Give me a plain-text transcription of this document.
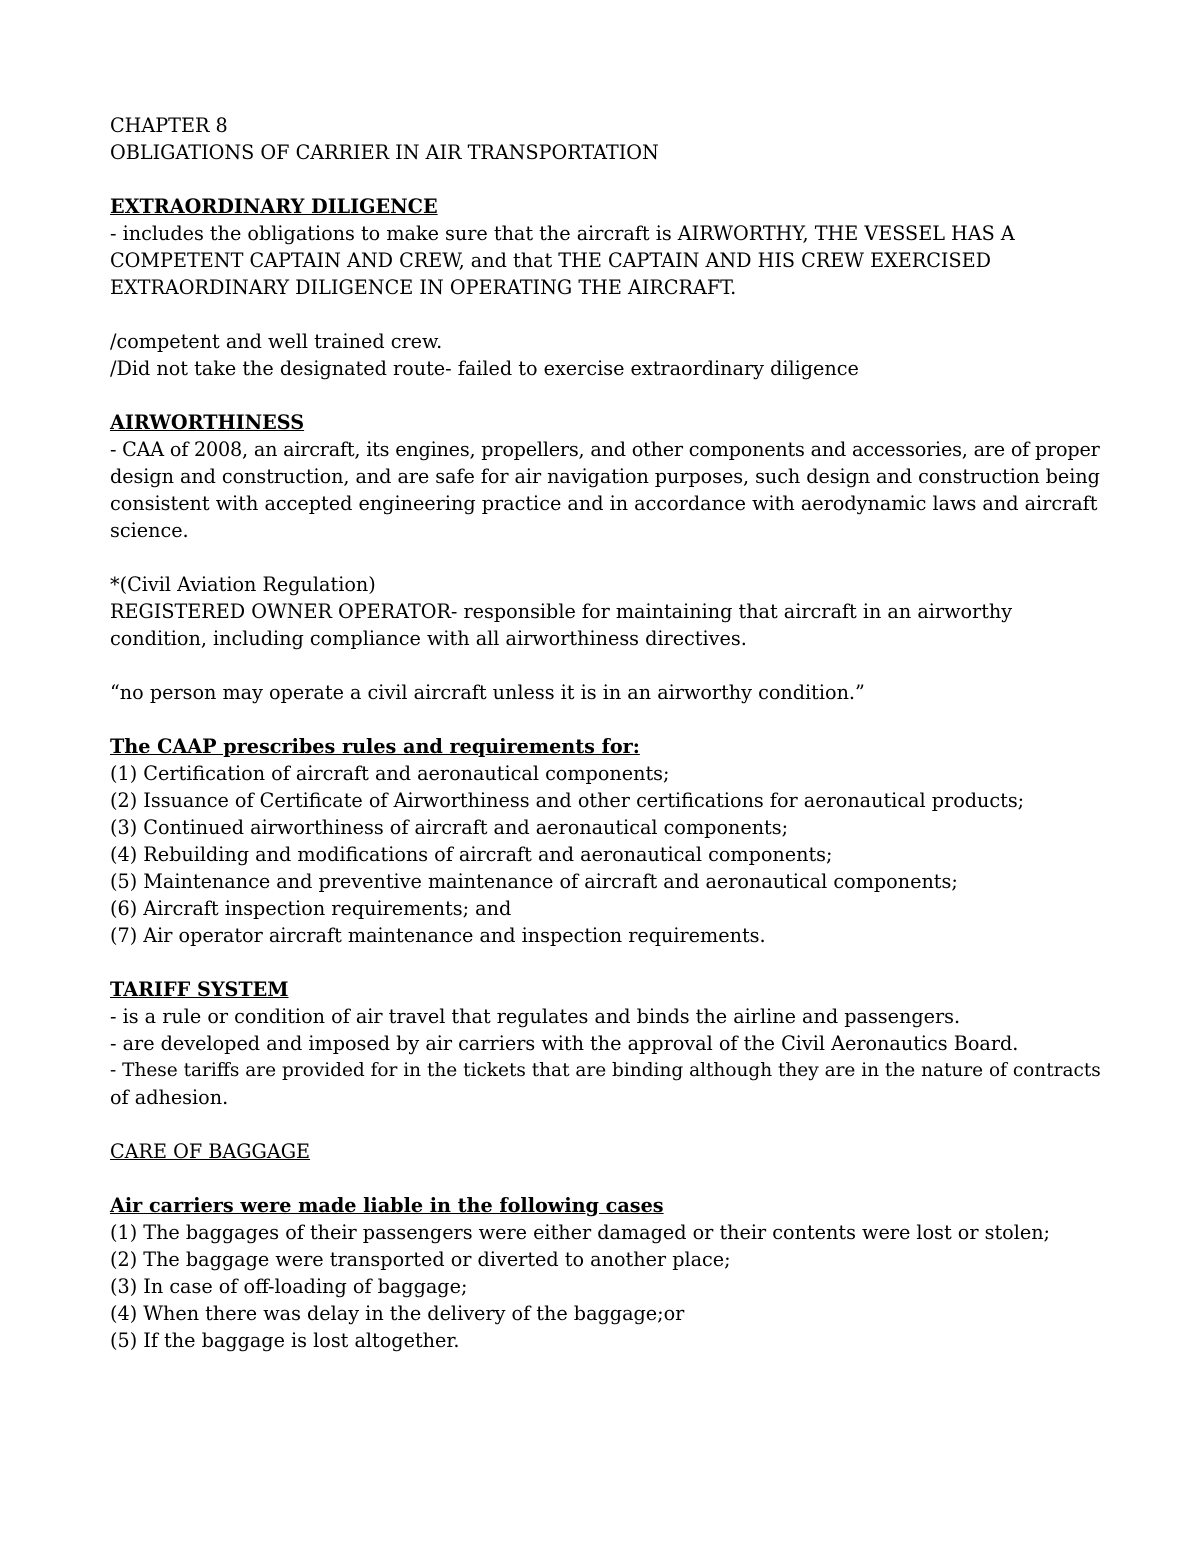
CHAPTER 8
OBLIGATIONS OF CARRIER IN AIR TRANSPORTATION
EXTRAORDINARY DILIGENCE
- includes the obligations to make sure that the aircraft is AIRWORTHY, THE VESSEL HAS A
COMPETENT CAPTAIN AND CREW, and that THE CAPTAIN AND HIS CREW EXERCISED
EXTRAORDINARY DILIGENCE IN OPERATING THE AIRCRAFT.
/competent and well trained crew.
/Did not take the designated route- failed to exercise extraordinary diligence
AIRWORTHINESS
- CAA of 2008, an aircraft, its engines, propellers, and other components and accessories, are of proper
design and construction, and are safe for air navigation purposes, such design and construction being
consistent with accepted engineering practice and in accordance with aerodynamic laws and aircraft
science.
*(Civil Aviation Regulation)
REGISTERED OWNER OPERATOR- responsible for maintaining that aircraft in an airworthy
condition, including compliance with all airworthiness directives.
“no person may operate a civil aircraft unless it is in an airworthy condition.”
The CAAP prescribes rules and requirements for:
(1) Certification of aircraft and aeronautical components;
(2) Issuance of Certificate of Airworthiness and other certifications for aeronautical products;
(3) Continued airworthiness of aircraft and aeronautical components;
(4) Rebuilding and modifications of aircraft and aeronautical components;
(5) Maintenance and preventive maintenance of aircraft and aeronautical components;
(6) Aircraft inspection requirements; and
(7) Air operator aircraft maintenance and inspection requirements.
TARIFF SYSTEM
- is a rule or condition of air travel that regulates and binds the airline and passengers.
- are developed and imposed by air carriers with the approval of the Civil Aeronautics Board.
- These tariffs are provided for in the tickets that are binding although they are in the nature of contracts
of adhesion.
CARE OF BAGGAGE
Air carriers were made liable in the following cases
(1) The baggages of their passengers were either damaged or their contents were lost or stolen;
(2) The baggage were transported or diverted to another place;
(3) In case of off-loading of baggage;
(4) When there was delay in the delivery of the baggage;or
(5) If the baggage is lost altogether.
